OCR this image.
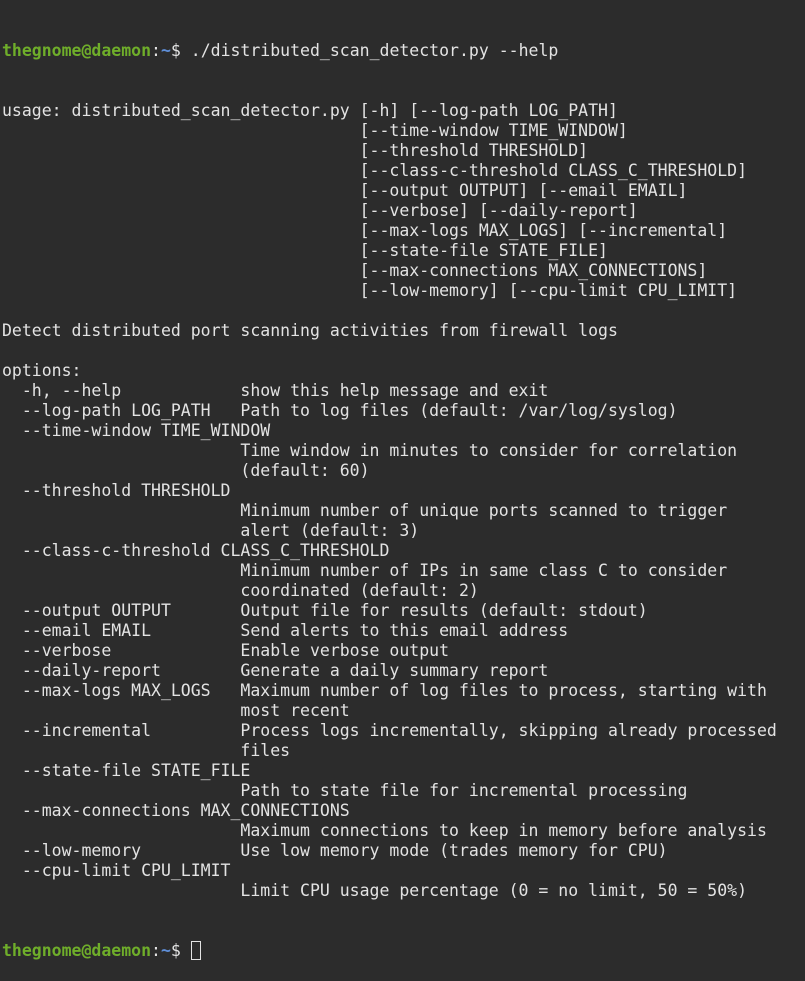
thegnome@daemon:~$ ./distributed_scan_detector.py --help

usage: distributed_scan_detector.py [-h] [--log-path LOG_PATH]
[--time-window TIME_WINDOW]
[--threshold THRESHOLD]
[--class-c-threshold CLASS_C_THRESHOLD]
[--output OUTPUT] [--email EMAIL]
[--verbose] [--daily-report]
[--max-logs MAX_LOGS] [--incremental]
[--state-file STATE_FILE]
[--max-connections MAX_CONNECTIONS]
[--low-memory] [--cpu-limit CPU_LIMIT]
Detect distributed port scanning activities from firewall logs
options:
-h, --help            show this help message and exit
--log-path LOG_PATH   Path to log files (default: /var/log/syslog)
--time-window TIME_WINDOW
Time window in minutes to consider for correlation
(default: 60)
--threshold THRESHOLD
Minimum number of unique ports scanned to trigger
alert (default: 3)
--class-c-threshold CLASS_C_THRESHOLD
Minimum number of IPs in same class C to consider
coordinated (default: 2)
--output OUTPUT       Output file for results (default: stdout)
--email EMAIL         Send alerts to this email address
--verbose             Enable verbose output
--daily-report        Generate a daily summary report
--max-logs MAX_LOGS   Maximum number of log files to process, starting with
most recent
--incremental         Process logs incrementally, skipping already processed
files
--state-file STATE_FILE
Path to state file for incremental processing
--max-connections MAX_CONNECTIONS
Maximum connections to keep in memory before analysis
--low-memory          Use low memory mode (trades memory for CPU)
--cpu-limit CPU_LIMIT
Limit CPU usage percentage (0 = no limit, 50 = 50%)

thegnome@daemon:~$
